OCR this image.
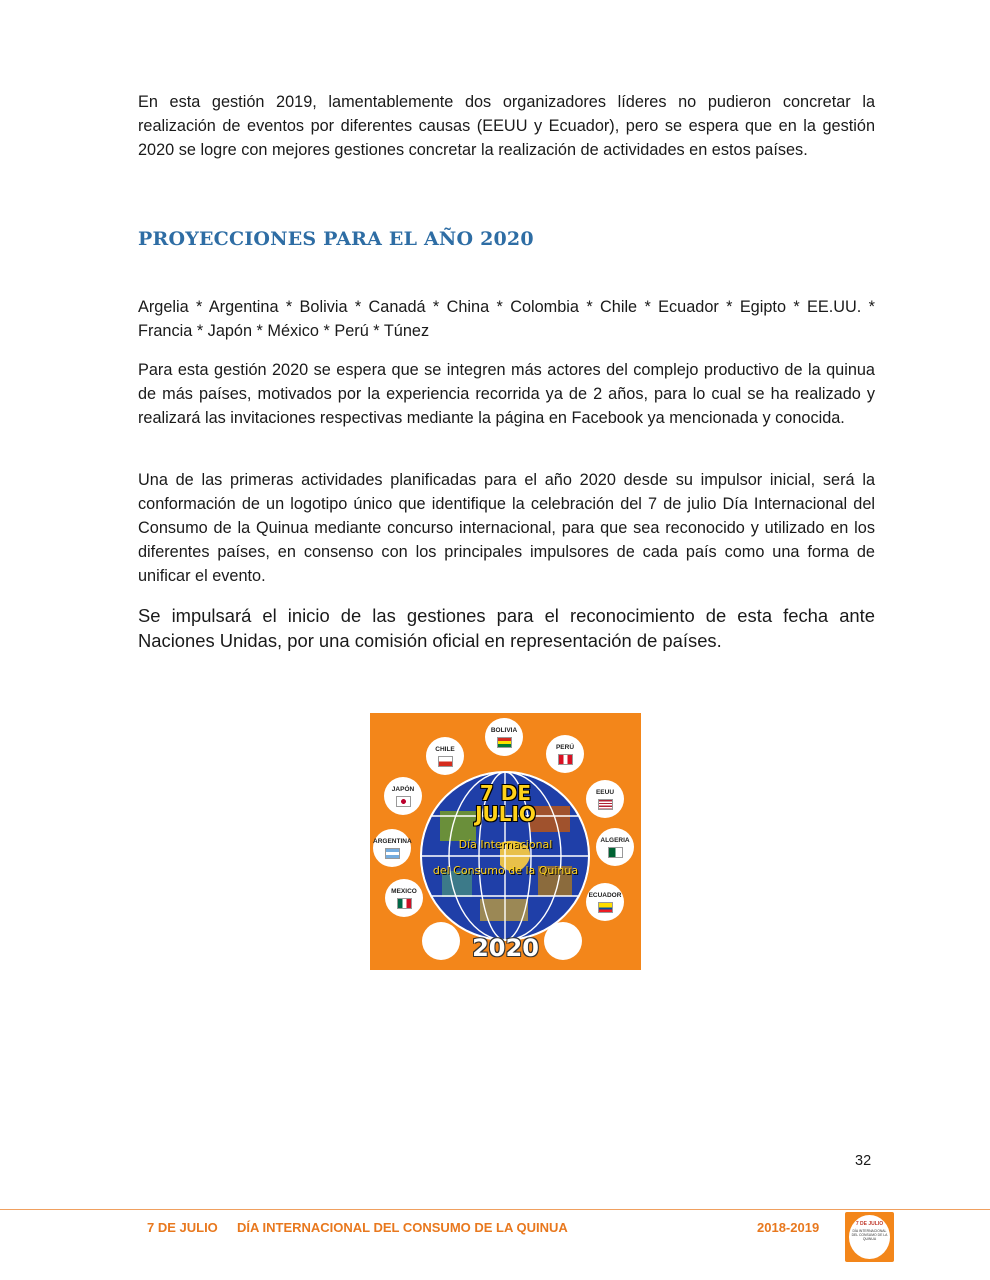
En esta gestión 2019, lamentablemente dos organizadores líderes no pudieron concretar la realización de eventos por diferentes causas (EEUU y Ecuador), pero se espera que en la gestión 2020 se logre con mejores gestiones concretar la realización de actividades en estos países.

PROYECCIONES PARA EL AÑO 2020

Argelia * Argentina * Bolivia * Canadá * China * Colombia * Chile * Ecuador * Egipto * EE.UU. * Francia * Japón * México * Perú * Túnez

Para esta gestión 2020 se espera que se integren más actores del complejo productivo de la quinua de más países, motivados por la experiencia recorrida ya de 2 años, para lo cual se ha realizado y realizará las invitaciones respectivas mediante la página en Facebook ya mencionada y conocida.

Una de las primeras actividades planificadas para el año 2020 desde su impulsor inicial, será la conformación de un logotipo único que identifique la celebración del 7 de julio Día Internacional del Consumo de la Quinua mediante concurso internacional, para que sea reconocido y utilizado en los diferentes países, en consenso con los principales impulsores de cada país como una forma de unificar el evento.

Se impulsará el inicio de las gestiones para el reconocimiento de esta fecha ante Naciones Unidas, por una comisión oficial en representación de países.

7 DE
JULIO
Día Internacional
del Consumo de la Quinua
2020
BOLIVIA
PERÚ
CHILE
JAPÓN	EEUU
ARGENTINA	ALGERIA
MEXICO
ECUADOR
32
7 DE JULIO DÍA INTERNACIONAL DEL CONSUMO DE LA QUINUA	2018-2019	7 DE JULIO
DÍA INTERNACIONAL DEL CONSUMO DE LA QUINUA
